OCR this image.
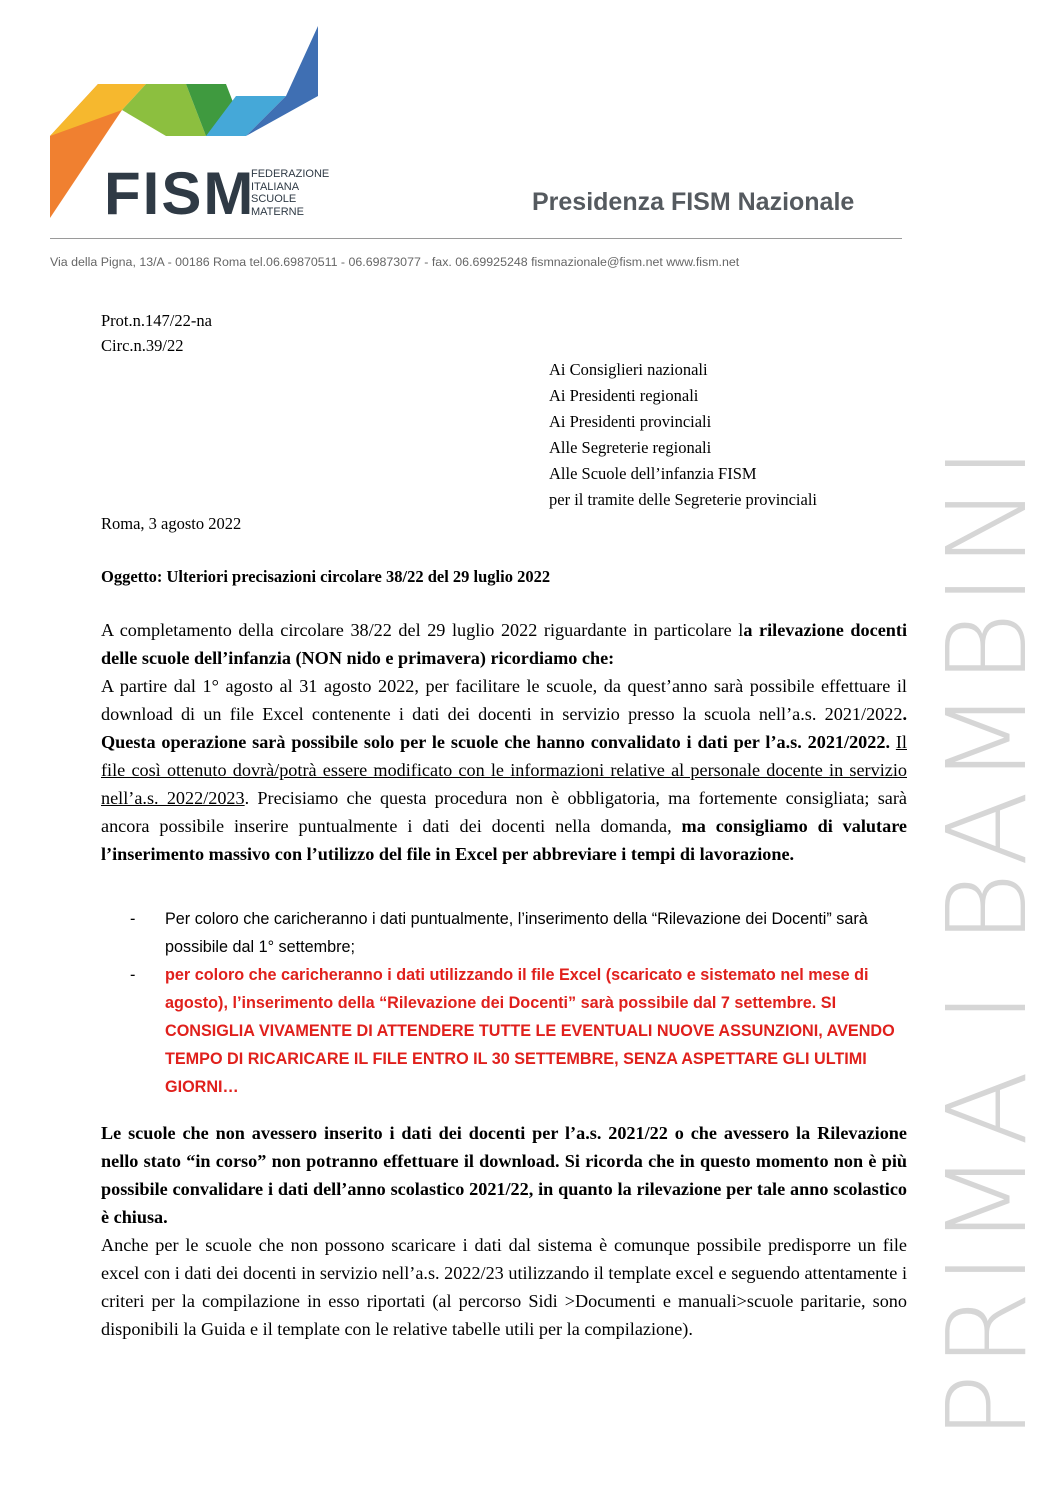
FISM
FEDERAZIONE
ITALIANA
SCUOLE
MATERNE	Presidenza FISM Nazionale
Via della Pigna, 13/A - 00186 Roma tel.06.69870511 - 06.69873077 - fax. 06.69925248 fismnazionale@fism.net www.fism.net
PRIMA I BAMBINI
Prot.n.147/22-na
Circ.n.39/22
Ai Consiglieri nazionali
Ai Presidenti regionali
Ai Presidenti provinciali
Alle Segreterie regionali
Alle Scuole dell’infanzia FISM
per il tramite delle Segreterie provinciali
Roma, 3 agosto 2022
Oggetto: Ulteriori precisazioni circolare 38/22 del 29 luglio 2022

A completamento della circolare 38/22 del 29 luglio 2022 riguardante in particolare la rilevazione docenti delle scuole dell’infanzia (NON nido e primavera) ricordiamo che:

A partire dal 1° agosto al 31 agosto 2022, per facilitare le scuole, da quest’anno sarà possibile effettuare il download di un file Excel contenente i dati dei docenti in servizio presso la scuola nell’a.s. 2021/2022. Questa operazione sarà possibile solo per le scuole che hanno convalidato i dati per l’a.s. 2021/2022. Il file così ottenuto dovrà/potrà essere modificato con le informazioni relative al personale docente in servizio nell’a.s. 2022/2023. Precisiamo che questa procedura non è obbligatoria, ma fortemente consigliata; sarà ancora possibile inserire puntualmente i dati dei docenti nella domanda, ma consigliamo di valutare l’inserimento massivo con l’utilizzo del file in Excel per abbreviare i tempi di lavorazione.

- Per coloro che caricheranno i dati puntualmente, l’inserimento della “Rilevazione dei Docenti” sarà possibile dal 1° settembre;
- per coloro che caricheranno i dati utilizzando il file Excel (scaricato e sistemato nel mese di agosto), l’inserimento della “Rilevazione dei Docenti” sarà possibile dal 7 settembre. SI CONSIGLIA VIVAMENTE DI ATTENDERE TUTTE LE EVENTUALI NUOVE ASSUNZIONI, AVENDO TEMPO DI RICARICARE IL FILE ENTRO IL 30 SETTEMBRE, SENZA ASPETTARE GLI ULTIMI GIORNI…

Le scuole che non avessero inserito i dati dei docenti per l’a.s. 2021/22 o che avessero la Rilevazione nello stato “in corso” non potranno effettuare il download. Si ricorda che in questo momento non è più possibile convalidare i dati dell’anno scolastico 2021/22, in quanto la rilevazione per tale anno scolastico è chiusa.

Anche per le scuole che non possono scaricare i dati dal sistema è comunque possibile predisporre un file excel con i dati dei docenti in servizio nell’a.s. 2022/23 utilizzando il template excel e seguendo attentamente i criteri per la compilazione in esso riportati (al percorso Sidi >Documenti e manuali>scuole paritarie, sono disponibili la Guida e il template con le relative tabelle utili per la compilazione).
